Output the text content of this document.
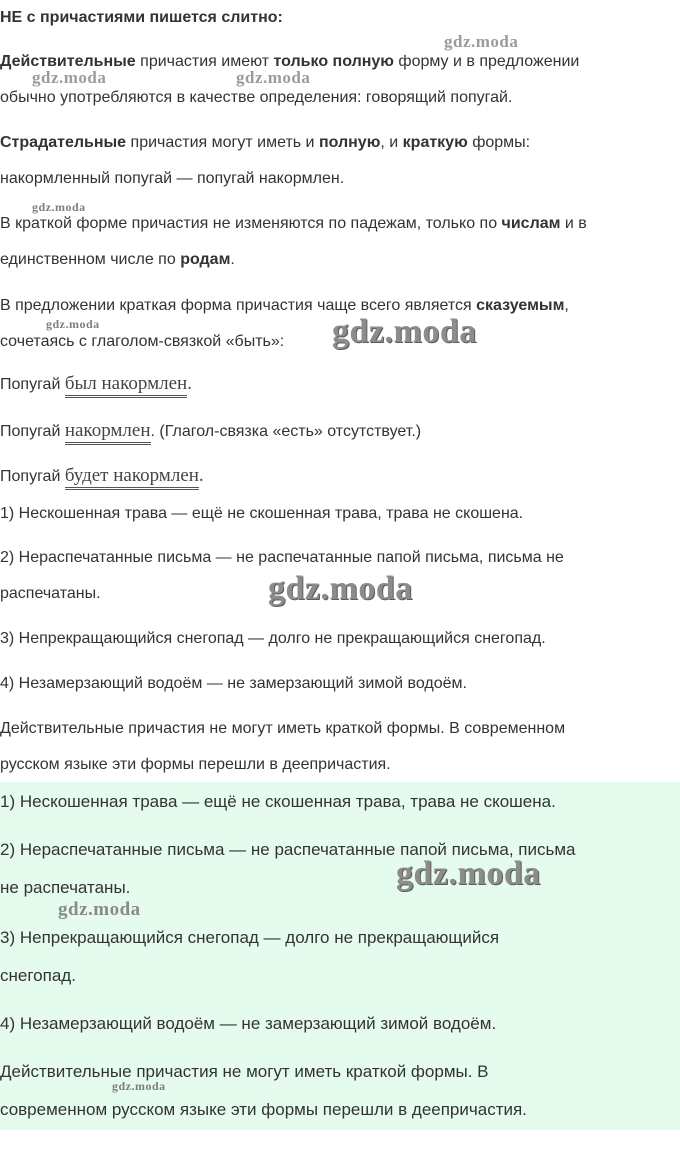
НЕ с причастиями пишется слитно:
Действительные причастия имеют только полную форму и в предложении
обычно употребляются в качестве определения: говорящий попугай.
Страдательные причастия могут иметь и полную, и краткую формы:
накормленный попугай — попугай накормлен.
В краткой форме причастия не изменяются по падежам, только по числам и в
единственном числе по родам.
В предложении краткая форма причастия чаще всего является сказуемым,
сочетаясь с глаголом-связкой «быть»:
Попугай был накормлен.
Попугай накормлен. (Глагол-связка «есть» отсутствует.)
Попугай будет накормлен.
1) Нескошенная трава — ещё не скошенная трава, трава не скошена.
2) Нераспечатанные письма — не распечатанные папой письма, письма не
распечатаны.
3) Непрекращающийся снегопад — долго не прекращающийся снегопад.
4) Незамерзающий водоём — не замерзающий зимой водоём.
Действительные причастия не могут иметь краткой формы. В современном
русском языке эти формы перешли в деепричастия.
1) Нескошенная трава — ещё не скошенная трава, трава не скошена.
2) Нераспечатанные письма — не распечатанные папой письма, письма
не распечатаны.
3) Непрекращающийся снегопад — долго не прекращающийся
снегопад.
4) Незамерзающий водоём — не замерзающий зимой водоём.
Действительные причастия не могут иметь краткой формы. В
современном русском языке эти формы перешли в деепричастия.
gdz.moda
gdz.moda	gdz.moda
gdz.moda
gdz.moda	gdz.moda
gdz.moda
gdz.moda
gdz.moda
gdz.moda
